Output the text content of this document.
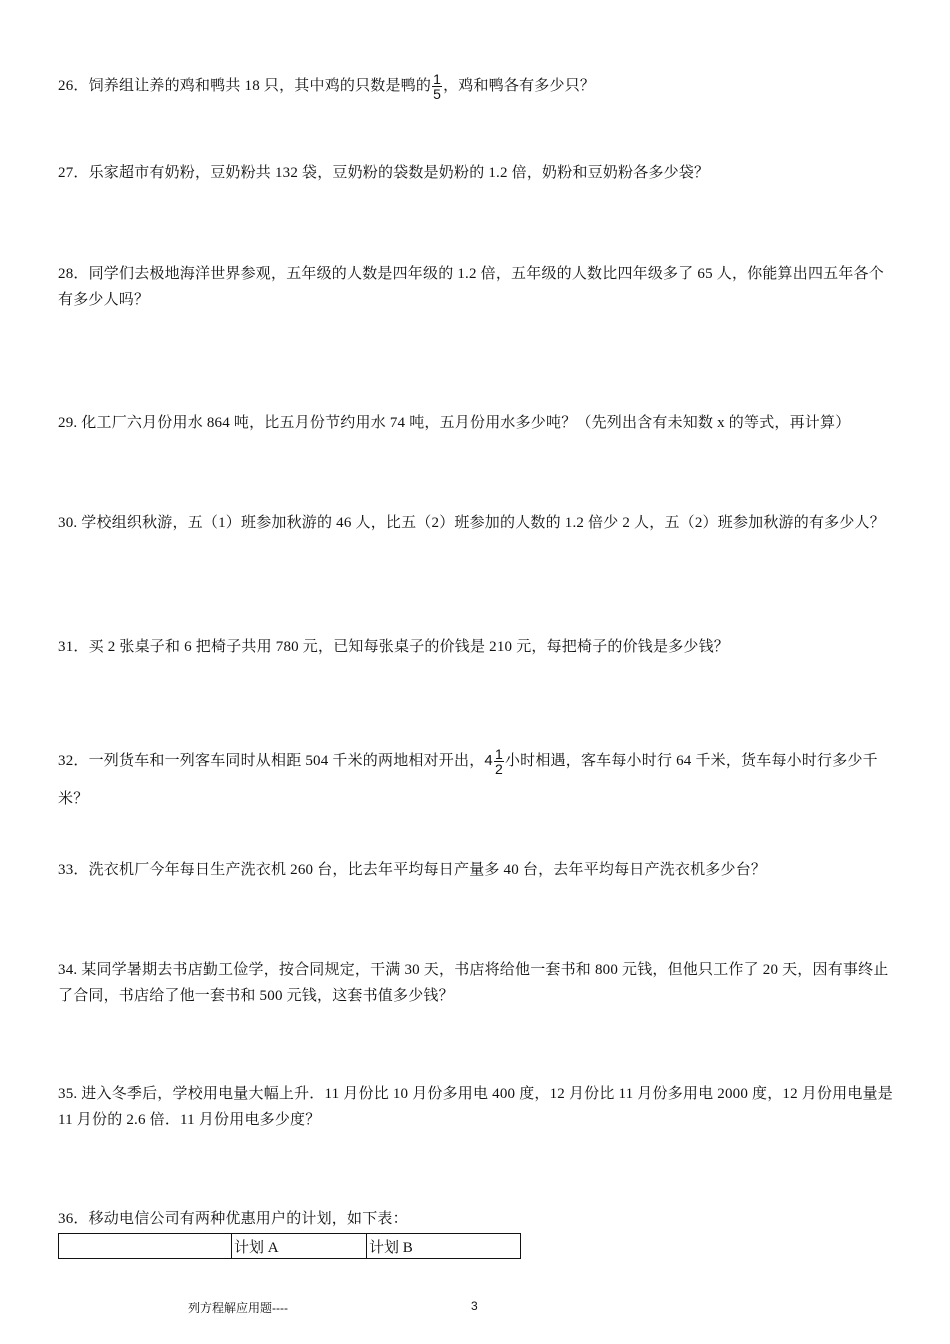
26．饲养组让养的鸡和鸭共 18 只，其中鸡的只数是鸭的 $\frac{1}{5}$ ，鸡和鸭各有多少只？
27．乐家超市有奶粉，豆奶粉共 132 袋，豆奶粉的袋数是奶粉的 1.2 倍，奶粉和豆奶粉各多少袋？
28．同学们去极地海洋世界参观，五年级的人数是四年级的 1.2 倍，五年级的人数比四年级多了 65 人，你能算出四五年各个有多少人吗？
29. 化工厂六月份用水 864 吨，比五月份节约用水 74 吨，五月份用水多少吨？（先列出含有未知数 x 的等式，再计算）
30. 学校组织秋游，五（1）班参加秋游的 46 人，比五（2）班参加的人数的 1.2 倍少 2 人，五（2）班参加秋游的有多少人？
31．买 2 张桌子和 6 把椅子共用 780 元，已知每张桌子的价钱是 210 元，每把椅子的价钱是多少钱？
32．一列货车和一列客车同时从相距 504 千米的两地相对开出，$4 \frac{1}{2}$ 小时相遇，客车每小时行 64 千米，货车每小时行多少千米？
33．洗衣机厂今年每日生产洗衣机 260 台，比去年平均每日产量多 40 台，去年平均每日产洗衣机多少台？
34. 某同学暑期去书店勤工俭学，按合同规定，干满 30 天，书店将给他一套书和 800 元钱，但他只工作了 20 天，因有事终止了合同，书店给了他一套书和 500 元钱，这套书值多少钱？
35. 进入冬季后，学校用电量大幅上升．11 月份比 10 月份多用电 400 度，12 月份比 11 月份多用电 2000 度，12 月份用电量是 11 月份的 2.6 倍．11 月份用电多少度？
36．移动电信公司有两种优惠用户的计划，如下表：
	计划 A	计划 B
列方程解应用题----	3
